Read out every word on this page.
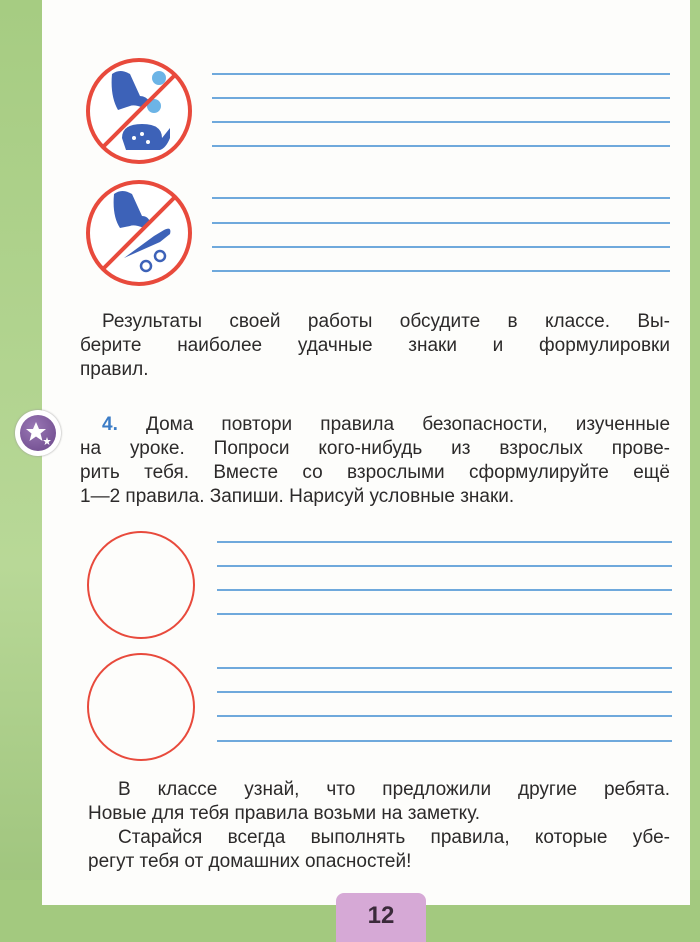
Результаты своей работы обсудите в классе. Вы-
берите наиболее удачные знаки и формулировки
правил.
4. Дома повтори правила безопасности, изученные
на уроке. Попроси кого-нибудь из взрослых прове-
рить тебя. Вместе со взрослыми сформулируйте ещё
1—2 правила. Запиши. Нарисуй условные знаки.
В классе узнай, что предложили другие ребята.
Новые для тебя правила возьми на заметку.
Старайся всегда выполнять правила, которые убе-
регут тебя от домашних опасностей!
12
